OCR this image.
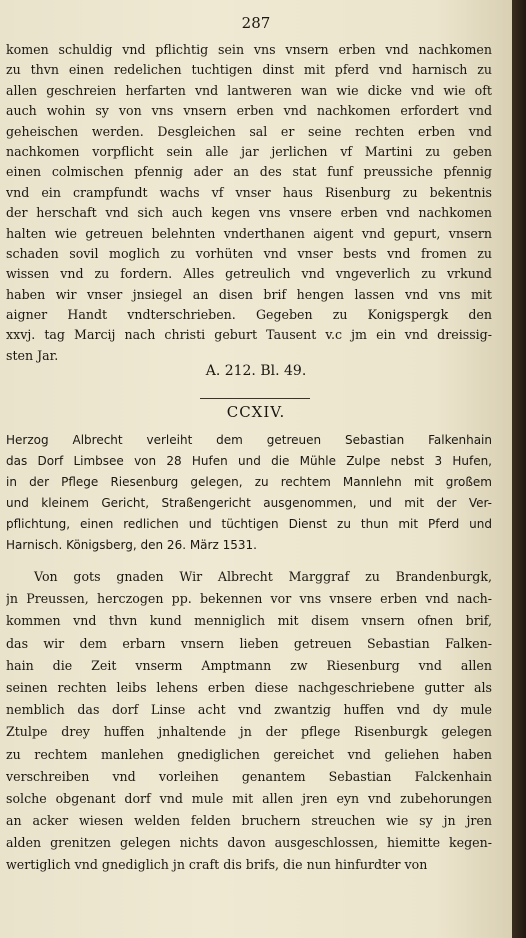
287
komen schuldig vnd pflichtig sein vns vnsern erben vnd nachkomen
zu thvn einen redelichen tuchtigen dinst mit pferd vnd harnisch zu
allen geschreien herfarten vnd lantweren wan wie dicke vnd wie oft
auch wohin sy von vns vnsern erben vnd nachkomen erfordert vnd
geheischen werden. Desgleichen sal er seine rechten erben vnd
nachkomen vorpflicht sein alle jar jerlichen vf Martini zu geben
einen colmischen pfennig ader an des stat funf preussiche pfennig
vnd ein crampfundt wachs vf vnser haus Risenburg zu bekentnis
der herschaft vnd sich auch kegen vns vnsere erben vnd nachkomen
halten wie getreuen belehnten vnderthanen aigent vnd gepurt, vnsern
schaden sovil moglich zu vorhüten vnd vnser bests vnd fromen zu
wissen vnd zu fordern. Alles getreulich vnd vngeverlich zu vrkund
haben wir vnser jnsiegel an disen brif hengen lassen vnd vns mit
aigner Handt vndterschrieben. Gegeben zu Konigspergk den
xxvj. tag Marcij nach christi geburt Tausent v.c jm ein vnd dreissig-
sten Jar.
A. 212. Bl. 49.
CCXIV.
Herzog Albrecht verleiht dem getreuen Sebastian Falkenhain
das Dorf Limbsee von 28 Hufen und die Mühle Zulpe nebst 3 Hufen,
in der Pflege Riesenburg gelegen, zu rechtem Mannlehn mit großem
und kleinem Gericht, Straßengericht ausgenommen, und mit der Ver-
pflichtung, einen redlichen und tüchtigen Dienst zu thun mit Pferd und
Harnisch. Königsberg, den 26. März 1531.
Von gots gnaden Wir Albrecht Marggraf zu Brandenburgk,
jn Preussen, herczogen pp. bekennen vor vns vnsere erben vnd nach-
kommen vnd thvn kund menniglich mit disem vnsern ofnen brif,
das wir dem erbarn vnsern lieben getreuen Sebastian Falken-
hain die Zeit vnserm Amptmann zw Riesenburg vnd allen
seinen rechten leibs lehens erben diese nachgeschriebene gutter als
nemblich das dorf Linse acht vnd zwantzig huffen vnd dy mule
Ztulpe drey huffen jnhaltende jn der pflege Risenburgk gelegen
zu rechtem manlehen gnediglichen gereichet vnd geliehen haben
verschreiben vnd vorleihen genantem Sebastian Falckenhain
solche obgenant dorf vnd mule mit allen jren eyn vnd zubehorungen
an acker wiesen welden felden bruchern streuchen wie sy jn jren
alden grenitzen gelegen nichts davon ausgeschlossen, hiemitte kegen-
wertiglich vnd gnediglich jn craft dis brifs, die nun hinfurdter von
